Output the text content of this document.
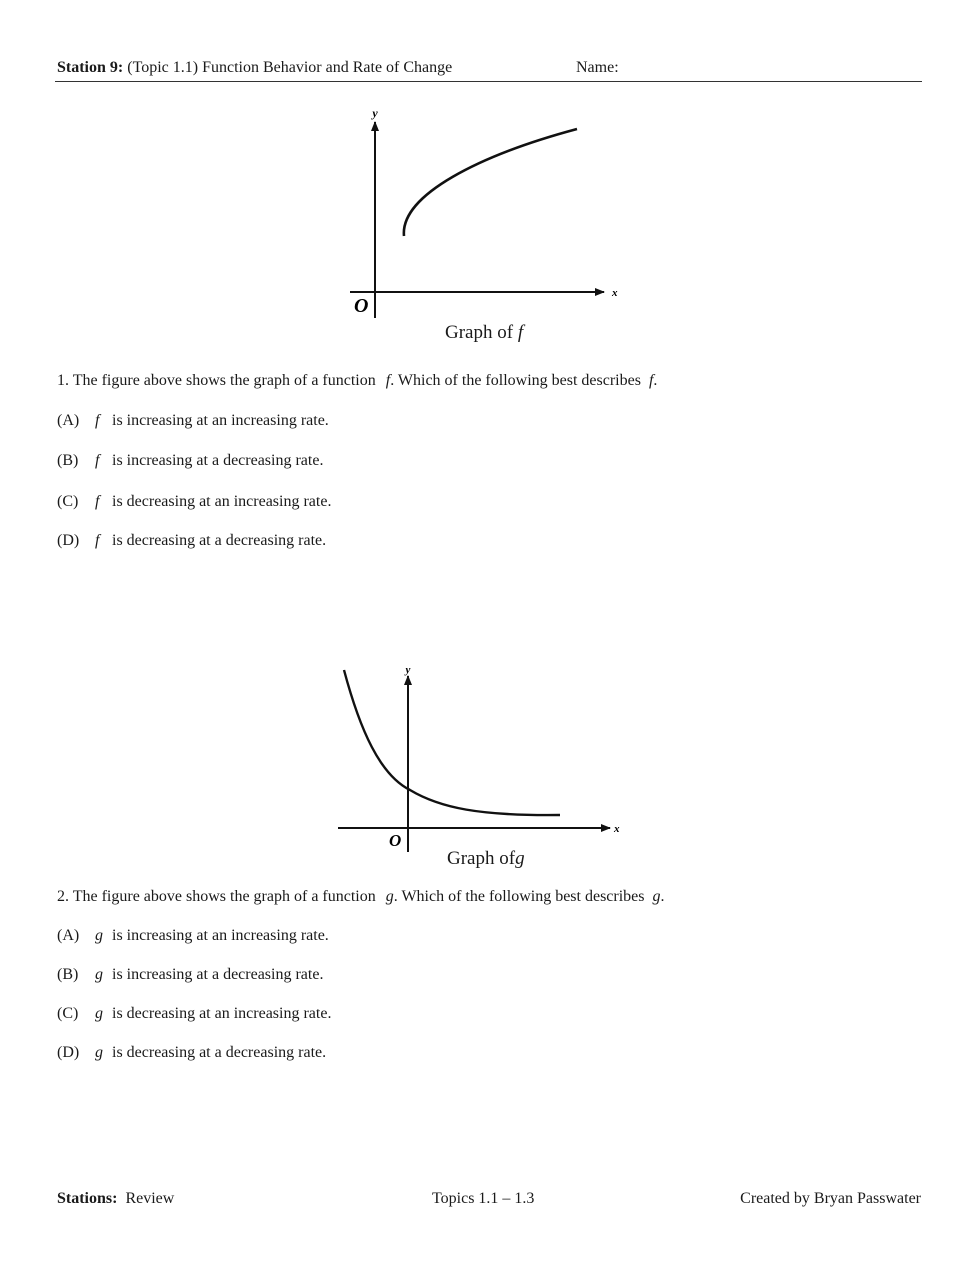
Station 9: (Topic 1.1) Function Behavior and Rate of Change	Name:
y
x
O
Graph of f
1. The figure above shows the graph of a function f. Which of the following best describes f.
(A) f is increasing at an increasing rate.
(B) f is increasing at a decreasing rate.
(C) f is decreasing at an increasing rate.
(D) f is decreasing at a decreasing rate.
y
x
O
Graph ofg
2. The figure above shows the graph of a function g. Which of the following best describes g.
(A) g is increasing at an increasing rate.
(B) g is increasing at a decreasing rate.
(C) g is decreasing at an increasing rate.
(D) g is decreasing at a decreasing rate.
Stations: Review	Topics 1.1 – 1.3	Created by Bryan Passwater
